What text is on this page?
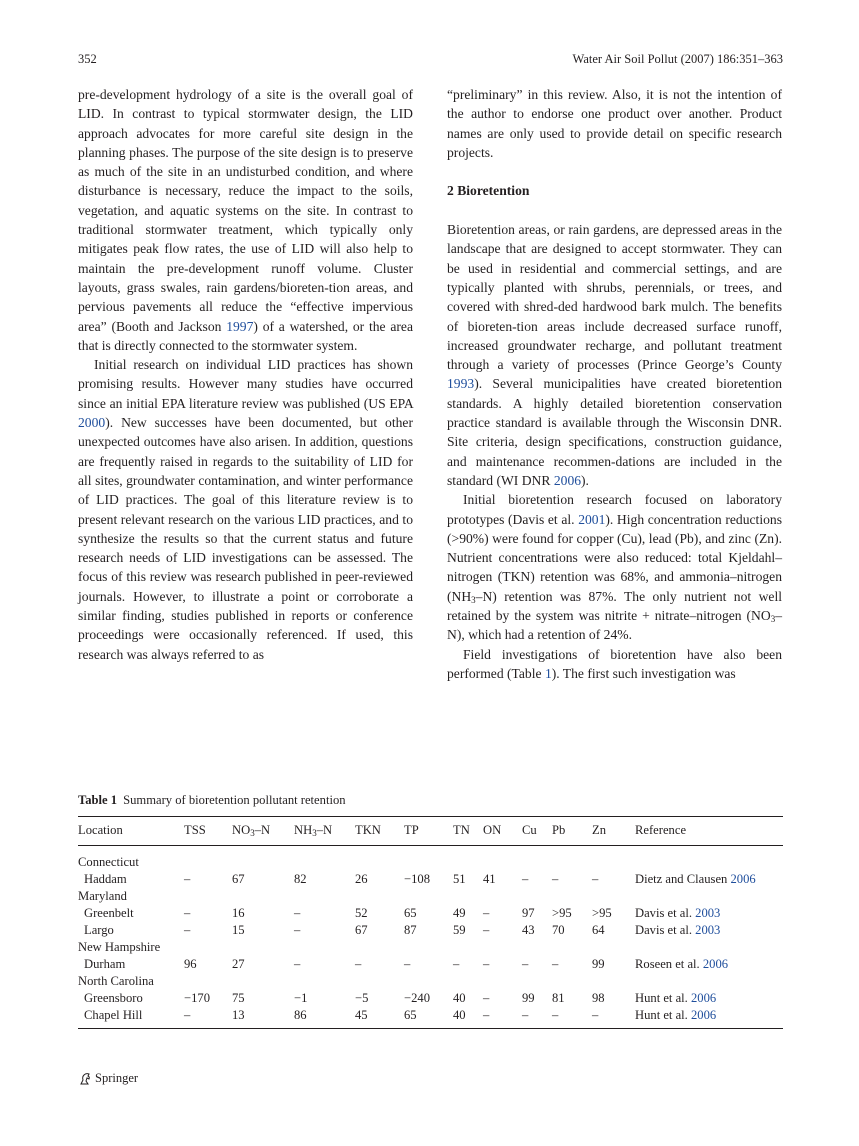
352	Water Air Soil Pollut (2007) 186:351–363

pre-development hydrology of a site is the overall goal of LID. In contrast to typical stormwater design, the LID approach advocates for more careful site design in the planning phases. The purpose of the site design is to preserve as much of the site in an undisturbed condition, and where disturbance is necessary, reduce the impact to the soils, vegetation, and aquatic systems on the site. In contrast to traditional stormwater treatment, which typically only mitigates peak flow rates, the use of LID will also help to maintain the pre-development runoff volume. Cluster layouts, grass swales, rain gardens/bioreten-tion areas, and pervious pavements all reduce the “effective impervious area” (Booth and Jackson 1997) of a watershed, or the area that is directly connected to the stormwater system.

Initial research on individual LID practices has shown promising results. However many studies have occurred since an initial EPA literature review was published (US EPA 2000). New successes have been documented, but other unexpected outcomes have also arisen. In addition, questions are frequently raised in regards to the suitability of LID for all sites, groundwater contamination, and winter performance of LID practices. The goal of this literature review is to present relevant research on the various LID practices, and to synthesize the results so that the current status and future research needs of LID investigations can be assessed. The focus of this review was research published in peer-reviewed journals. However, to illustrate a point or corroborate a similar finding, studies published in reports or conference proceedings were occasionally referenced. If used, this research was always referred to as

“preliminary” in this review. Also, it is not the intention of the author to endorse one product over another. Product names are only used to provide detail on specific research projects.

2 Bioretention

Bioretention areas, or rain gardens, are depressed areas in the landscape that are designed to accept stormwater. They can be used in residential and commercial settings, and are typically planted with shrubs, perennials, or trees, and covered with shred-ded hardwood bark mulch. The benefits of bioreten-tion areas include decreased surface runoff, increased groundwater recharge, and pollutant treatment through a variety of processes (Prince George’s County 1993). Several municipalities have created bioretention standards. A highly detailed bioretention conservation practice standard is available through the Wisconsin DNR. Site criteria, design specifications, construction guidance, and maintenance recommen-dations are included in the standard (WI DNR 2006).

Initial bioretention research focused on laboratory prototypes (Davis et al. 2001). High concentration reductions (>90%) were found for copper (Cu), lead (Pb), and zinc (Zn). Nutrient concentrations were also reduced: total Kjeldahl–nitrogen (TKN) retention was 68%, and ammonia–nitrogen $(NH_3-N)$ retention was 87%. The only nutrient not well retained by the system was nitrite + nitrate–nitrogen $(NO_3-N)$, which had a retention of 24%.

Field investigations of bioretention have also been performed (Table 1). The first such investigation was

Table 1 Summary of bioretention pollutant retention
Location	TSS	$NO_3-N$	$NH_3-N$	TKN	TP	TN	ON	Cu	Pb	Zn	Reference
Connecticut											
Haddam	–	67	82	26	−108	51	41	–	–	–	Dietz and Clausen 2006
Maryland											
Greenbelt	–	16	–	52	65	49	–	97	>95	>95	Davis et al. 2003
Largo	–	15	–	67	87	59	–	43	70	64	Davis et al. 2003
New Hampshire											
Durham	96	27	–	–	–	–	–	–	–	99	Roseen et al. 2006
North Carolina											
Greensboro	−170	75	−1	−5	−240	40	–	99	81	98	Hunt et al. 2006
Chapel Hill	–	13	86	45	65	40	–	–	–	–	Hunt et al. 2006
Springer
